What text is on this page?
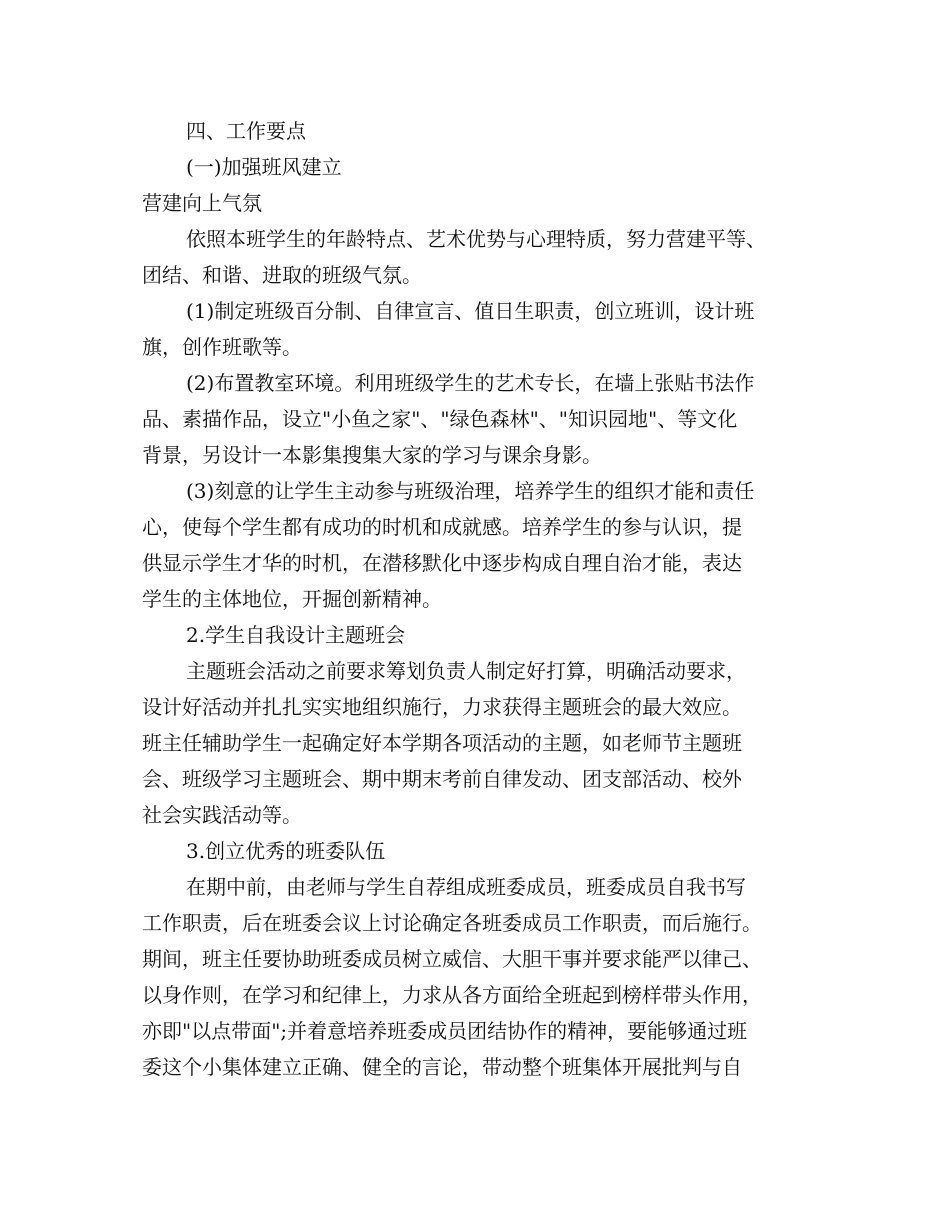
四、工作要点
(一)加强班风建立
营建向上气氛
依照本班学生的年龄特点、艺术优势与心理特质，努力营建平等、
团结、和谐、进取的班级气氛。
(1)制定班级百分制、自律宣言、值日生职责，创立班训，设计班
旗，创作班歌等。
(2)布置教室环境。利用班级学生的艺术专长，在墙上张贴书法作
品、素描作品，设立"小鱼之家"、"绿色森林"、"知识园地"、等文化
背景，另设计一本影集搜集大家的学习与课余身影。
(3)刻意的让学生主动参与班级治理，培养学生的组织才能和责任
心，使每个学生都有成功的时机和成就感。培养学生的参与认识，提
供显示学生才华的时机，在潜移默化中逐步构成自理自治才能，表达
学生的主体地位，开掘创新精神。
2.学生自我设计主题班会
主题班会活动之前要求筹划负责人制定好打算，明确活动要求，
设计好活动并扎扎实实地组织施行，力求获得主题班会的最大效应。
班主任辅助学生一起确定好本学期各项活动的主题，如老师节主题班
会、班级学习主题班会、期中期末考前自律发动、团支部活动、校外
社会实践活动等。
3.创立优秀的班委队伍
在期中前，由老师与学生自荐组成班委成员，班委成员自我书写
工作职责，后在班委会议上讨论确定各班委成员工作职责，而后施行。
期间，班主任要协助班委成员树立威信、大胆干事并要求能严以律己、
以身作则，在学习和纪律上，力求从各方面给全班起到榜样带头作用，
亦即"以点带面";并着意培养班委成员团结协作的精神，要能够通过班
委这个小集体建立正确、健全的言论，带动整个班集体开展批判与自
